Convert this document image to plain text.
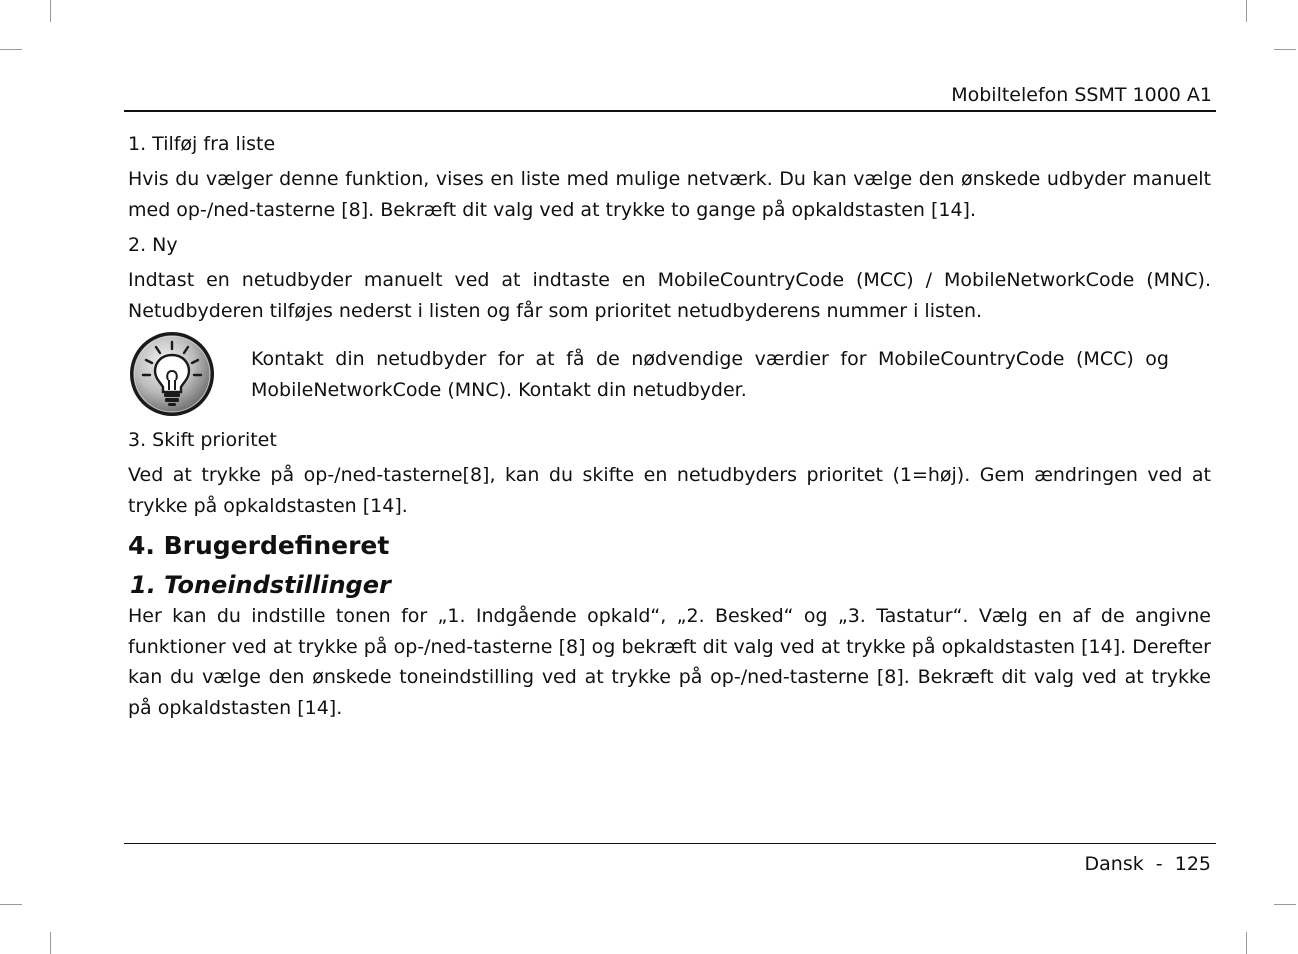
Mobiltelefon SSMT 1000 A1

1. Tilføj fra liste

Hvis du vælger denne funktion, vises en liste med mulige netværk. Du kan vælge den ønskede udbyder manuelt med op-/ned-tasterne [8]. Bekræft dit valg ved at trykke to gange på opkaldstasten [14].

2. Ny

Indtast en netudbyder manuelt ved at indtaste en MobileCountryCode (MCC) / MobileNetworkCode (MNC). Netudbyderen tilføjes nederst i listen og får som prioritet netudbyderens nummer i listen.

Kontakt din netudbyder for at få de nødvendige værdier for MobileCountryCode (MCC) og MobileNetworkCode (MNC). Kontakt din netudbyder.

3. Skift prioritet

Ved at trykke på op-/ned-tasterne[8], kan du skifte en netudbyders prioritet (1=høj). Gem ændringen ved at trykke på opkaldstasten [14].

4. Brugerdefineret
1. Toneindstillinger

Her kan du indstille tonen for „1. Indgående opkald“, „2. Besked“ og „3. Tastatur“. Vælg en af de angivne funktioner ved at trykke på op-/ned-tasterne [8] og bekræft dit valg ved at trykke på opkaldstasten [14]. Derefter kan du vælge den ønskede toneindstilling ved at trykke på op-/ned-tasterne [8]. Bekræft dit valg ved at trykke på opkaldstasten [14].

Dansk  -  125
